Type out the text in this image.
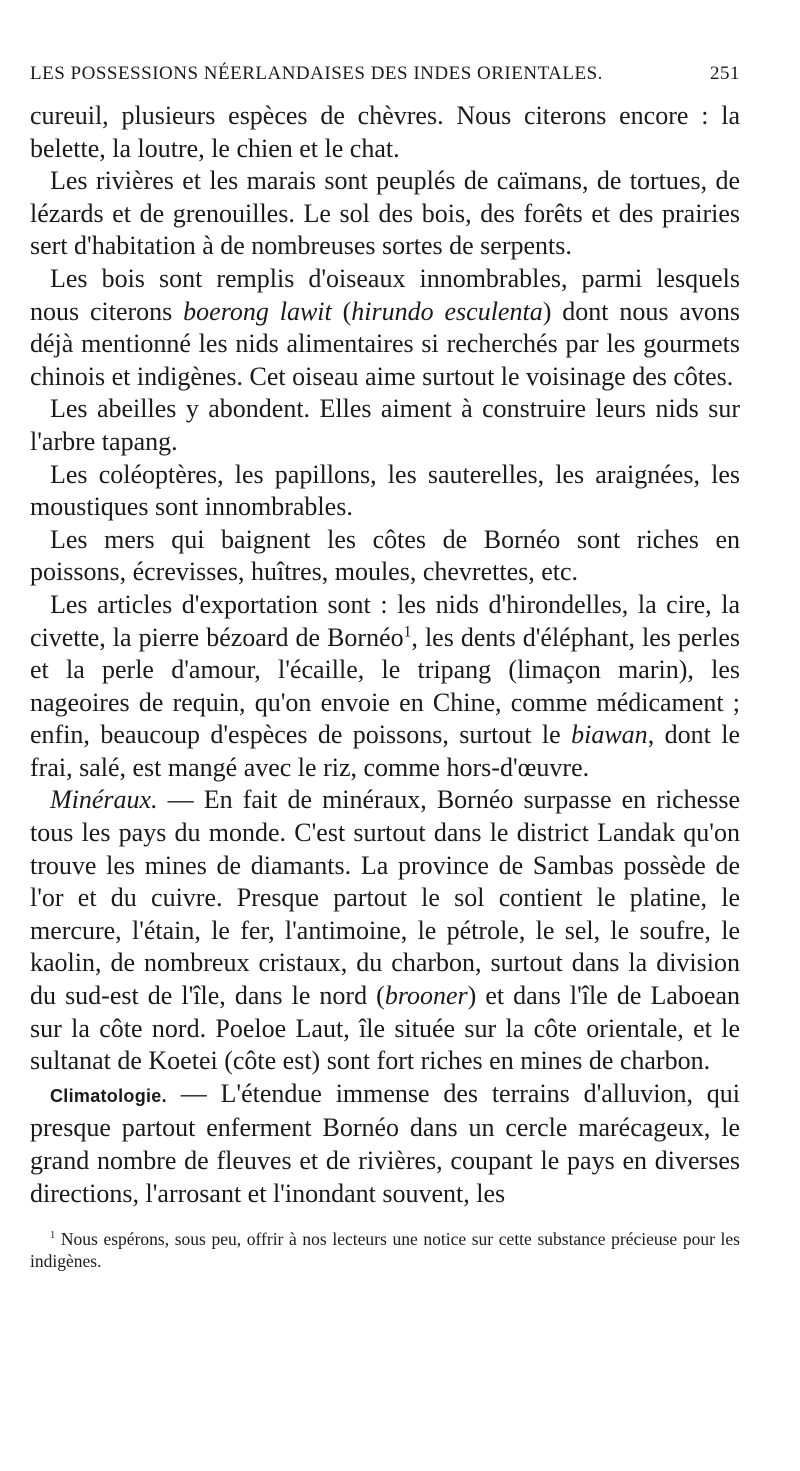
LES POSSESSIONS NÉERLANDAISES DES INDES ORIENTALES.	251

cureuil, plusieurs espèces de chèvres. Nous citerons encore : la belette, la loutre, le chien et le chat.

Les rivières et les marais sont peuplés de caïmans, de tortues, de lézards et de grenouilles. Le sol des bois, des forêts et des prairies sert d'habitation à de nombreuses sortes de serpents.

Les bois sont remplis d'oiseaux innombrables, parmi lesquels nous citerons boerong lawit (hirundo esculenta) dont nous avons déjà mentionné les nids alimentaires si recherchés par les gourmets chinois et indigènes. Cet oiseau aime surtout le voisinage des côtes.

Les abeilles y abondent. Elles aiment à construire leurs nids sur l'arbre tapang.

Les coléoptères, les papillons, les sauterelles, les araignées, les moustiques sont innombrables.

Les mers qui baignent les côtes de Bornéo sont riches en poissons, écrevisses, huîtres, moules, chevrettes, etc.

Les articles d'exportation sont : les nids d'hirondelles, la cire, la civette, la pierre bézoard de Bornéo$^1$, les dents d'éléphant, les perles et la perle d'amour, l'écaille, le tripang (limaçon marin), les nageoires de requin, qu'on envoie en Chine, comme médicament ; enfin, beaucoup d'espèces de poissons, surtout le biawan, dont le frai, salé, est mangé avec le riz, comme hors-d'œuvre.

Minéraux. — En fait de minéraux, Bornéo surpasse en richesse tous les pays du monde. C'est surtout dans le district Landak qu'on trouve les mines de diamants. La province de Sambas possède de l'or et du cuivre. Presque partout le sol contient le platine, le mercure, l'étain, le fer, l'antimoine, le pétrole, le sel, le soufre, le kaolin, de nombreux cristaux, du charbon, surtout dans la division du sud-est de l'île, dans le nord (brooner) et dans l'île de Laboean sur la côte nord. Poeloe Laut, île située sur la côte orientale, et le sultanat de Koetei (côte est) sont fort riches en mines de charbon.

Climatologie. — L'étendue immense des terrains d'alluvion, qui presque partout enferment Bornéo dans un cercle marécageux, le grand nombre de fleuves et de rivières, coupant le pays en diverses directions, l'arrosant et l'inondant souvent, les

$^1$ Nous espérons, sous peu, offrir à nos lecteurs une notice sur cette substance précieuse pour les indigènes.
